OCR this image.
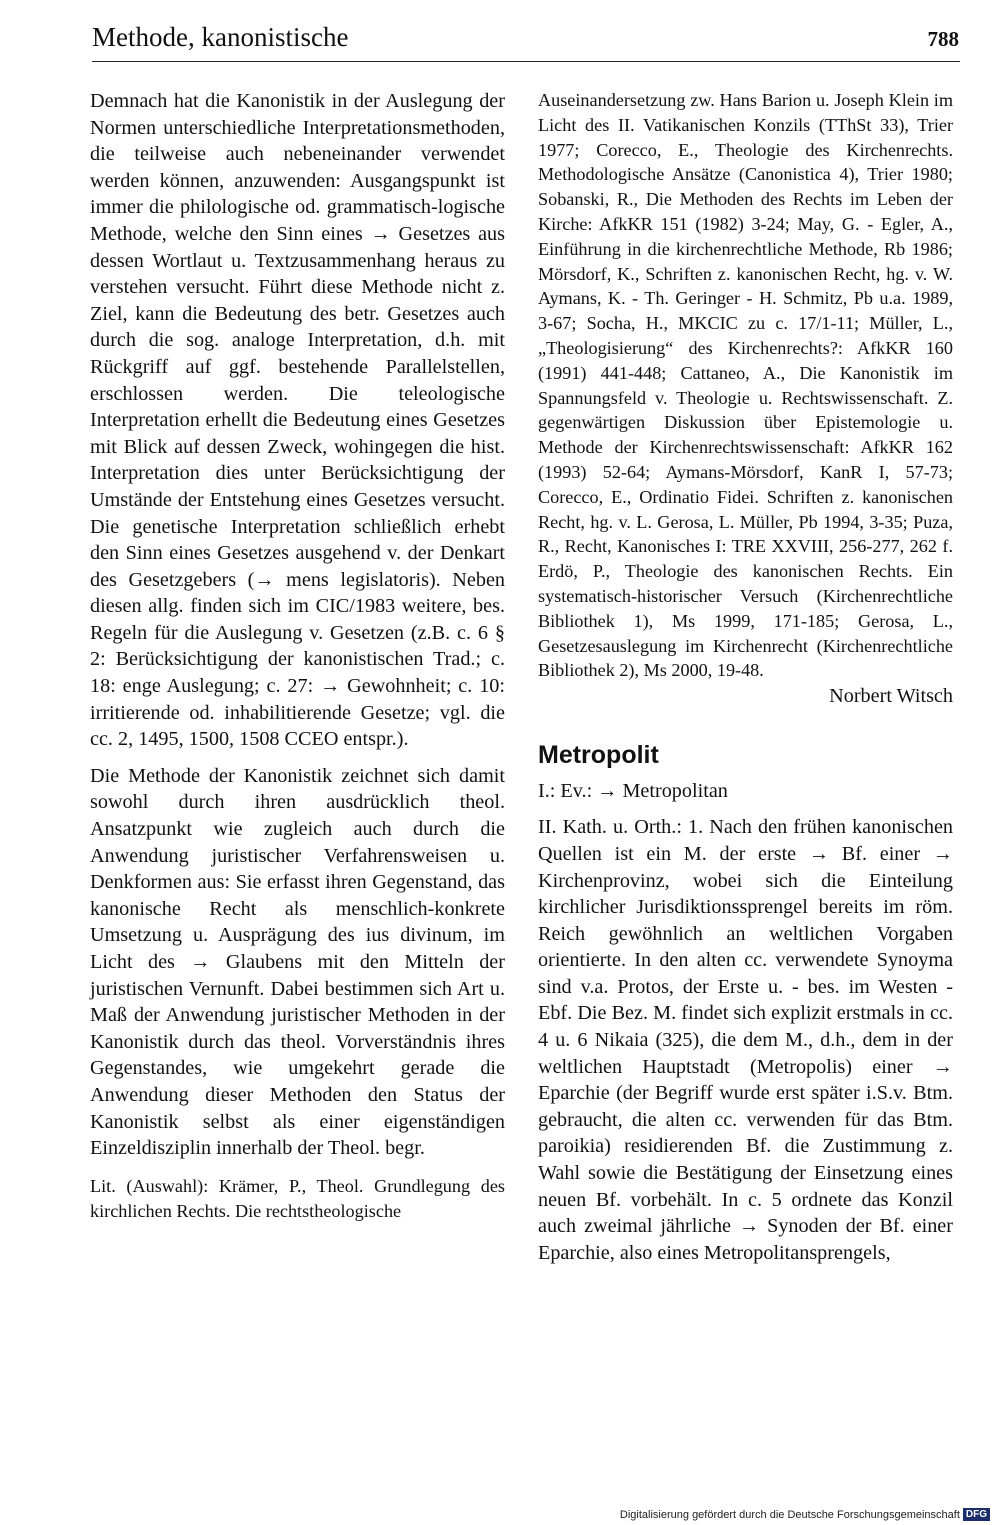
Methode, kanonistische	788

Demnach hat die Kanonistik in der Auslegung der Normen unterschiedliche Interpretationsmethoden, die teilweise auch nebeneinander verwendet werden können, anzuwenden: Ausgangspunkt ist immer die philologische od. grammatisch-logische Methode, welche den Sinn eines → Gesetzes aus dessen Wortlaut u. Textzusammenhang heraus zu verstehen versucht. Führt diese Methode nicht z. Ziel, kann die Bedeutung des betr. Gesetzes auch durch die sog. analoge Interpretation, d.h. mit Rückgriff auf ggf. bestehende Parallelstellen, erschlossen werden. Die teleologische Interpretation erhellt die Bedeutung eines Gesetzes mit Blick auf dessen Zweck, wohingegen die hist. Interpretation dies unter Berücksichtigung der Umstände der Entstehung eines Gesetzes versucht. Die genetische Interpretation schließlich erhebt den Sinn eines Gesetzes ausgehend v. der Denkart des Gesetzgebers (→ mens legislatoris). Neben diesen allg. finden sich im CIC/1983 weitere, bes. Regeln für die Auslegung v. Gesetzen (z.B. c. 6 § 2: Berücksichtigung der kanonistischen Trad.; c. 18: enge Auslegung; c. 27: → Gewohnheit; c. 10: irritierende od. inhabilitierende Gesetze; vgl. die cc. 2, 1495, 1500, 1508 CCEO entspr.).

Die Methode der Kanonistik zeichnet sich damit sowohl durch ihren ausdrücklich theol. Ansatzpunkt wie zugleich auch durch die Anwendung juristischer Verfahrensweisen u. Denkformen aus: Sie erfasst ihren Gegenstand, das kanonische Recht als menschlich-konkrete Umsetzung u. Ausprägung des ius divinum, im Licht des → Glaubens mit den Mitteln der juristischen Vernunft. Dabei bestimmen sich Art u. Maß der Anwendung juristischer Methoden in der Kanonistik durch das theol. Vorverständnis ihres Gegenstandes, wie umgekehrt gerade die Anwendung dieser Methoden den Status der Kanonistik selbst als einer eigenständigen Einzeldisziplin innerhalb der Theol. begr.

Lit. (Auswahl): Krämer, P., Theol. Grundlegung des kirchlichen Rechts. Die rechtstheologische

Auseinandersetzung zw. Hans Barion u. Joseph Klein im Licht des II. Vatikanischen Konzils (TThSt 33), Trier 1977; Corecco, E., Theologie des Kirchenrechts. Methodologische Ansätze (Canonistica 4), Trier 1980; Sobanski, R., Die Methoden des Rechts im Leben der Kirche: AfkKR 151 (1982) 3-24; May, G. - Egler, A., Einführung in die kirchenrechtliche Methode, Rb 1986; Mörsdorf, K., Schriften z. kanonischen Recht, hg. v. W. Aymans, K. - Th. Geringer - H. Schmitz, Pb u.a. 1989, 3-67; Socha, H., MKCIC zu c. 17/1-11; Müller, L., „Theologisierung“ des Kirchenrechts?: AfkKR 160 (1991) 441-448; Cattaneo, A., Die Kanonistik im Spannungsfeld v. Theologie u. Rechtswissenschaft. Z. gegenwärtigen Diskussion über Epistemologie u. Methode der Kirchenrechtswissenschaft: AfkKR 162 (1993) 52-64; Aymans-Mörsdorf, KanR I, 57-73; Corecco, E., Ordinatio Fidei. Schriften z. kanonischen Recht, hg. v. L. Gerosa, L. Müller, Pb 1994, 3-35; Puza, R., Recht, Kanonisches I: TRE XXVIII, 256-277, 262 f. Erdö, P., Theologie des kanonischen Rechts. Ein systematisch-historischer Versuch (Kirchenrechtliche Bibliothek 1), Ms 1999, 171-185; Gerosa, L., Gesetzesauslegung im Kirchenrecht (Kirchenrechtliche Bibliothek 2), Ms 2000, 19-48.

Norbert Witsch

Metropolit

I.: Ev.: → Metropolitan

II. Kath. u. Orth.: 1. Nach den frühen kanonischen Quellen ist ein M. der erste → Bf. einer → Kirchenprovinz, wobei sich die Einteilung kirchlicher Jurisdiktionssprengel bereits im röm. Reich gewöhnlich an weltlichen Vorgaben orientierte. In den alten cc. verwendete Synoyma sind v.a. Protos, der Erste u. - bes. im Westen - Ebf. Die Bez. M. findet sich explizit erstmals in cc. 4 u. 6 Nikaia (325), die dem M., d.h., dem in der weltlichen Hauptstadt (Metropolis) einer → Eparchie (der Begriff wurde erst später i.S.v. Btm. gebraucht, die alten cc. verwenden für das Btm. paroikia) residierenden Bf. die Zustimmung z. Wahl sowie die Bestätigung der Einsetzung eines neuen Bf. vorbehält. In c. 5 ordnete das Konzil auch zweimal jährliche → Synoden der Bf. einer Eparchie, also eines Metropolitansprengels,

Digitalisierung gefördert durch die Deutsche Forschungsgemeinschaft DFG
